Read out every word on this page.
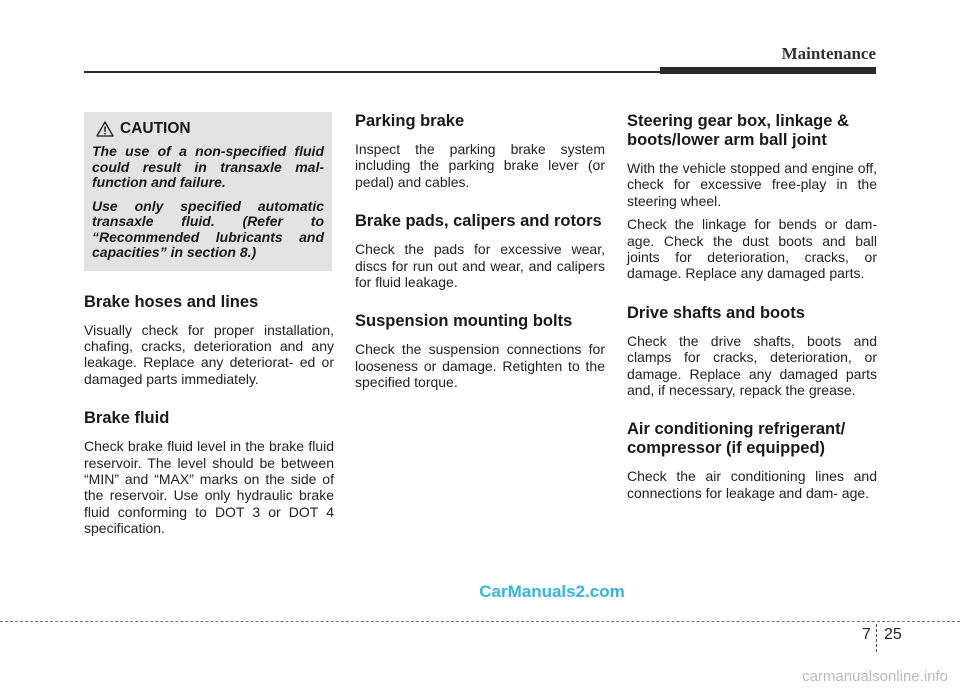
Maintenance

CAUTION

The use of a non-specified fluid could result in transaxle mal- function and failure.

Use only specified automatic transaxle fluid. (Refer to “Recommended lubricants and capacities” in section 8.)

Brake hoses and lines

Visually check for proper installation, chafing, cracks, deterioration and any leakage. Replace any deteriorat- ed or damaged parts immediately.

Brake fluid

Check brake fluid level in the brake fluid reservoir. The level should be between “MIN” and “MAX” marks on the side of the reservoir. Use only hydraulic brake fluid conforming to DOT 3 or DOT 4 specification.

Parking brake

Inspect the parking brake system including the parking brake lever (or pedal) and cables.

Brake pads, calipers and rotors

Check the pads for excessive wear, discs for run out and wear, and calipers for fluid leakage.

Suspension mounting bolts

Check the suspension connections for looseness or damage. Retighten to the specified torque.

Steering gear box, linkage & boots/lower arm ball joint

With the vehicle stopped and engine off, check for excessive free-play in the steering wheel.

Check the linkage for bends or dam- age. Check the dust boots and ball joints for deterioration, cracks, or damage. Replace any damaged parts.

Drive shafts and boots

Check the drive shafts, boots and clamps for cracks, deterioration, or damage. Replace any damaged parts and, if necessary, repack the grease.

Air conditioning refrigerant/ compressor (if equipped)

Check the air conditioning lines and connections for leakage and dam- age.

CarManuals2.com

7 25

carmanualsonline.info
